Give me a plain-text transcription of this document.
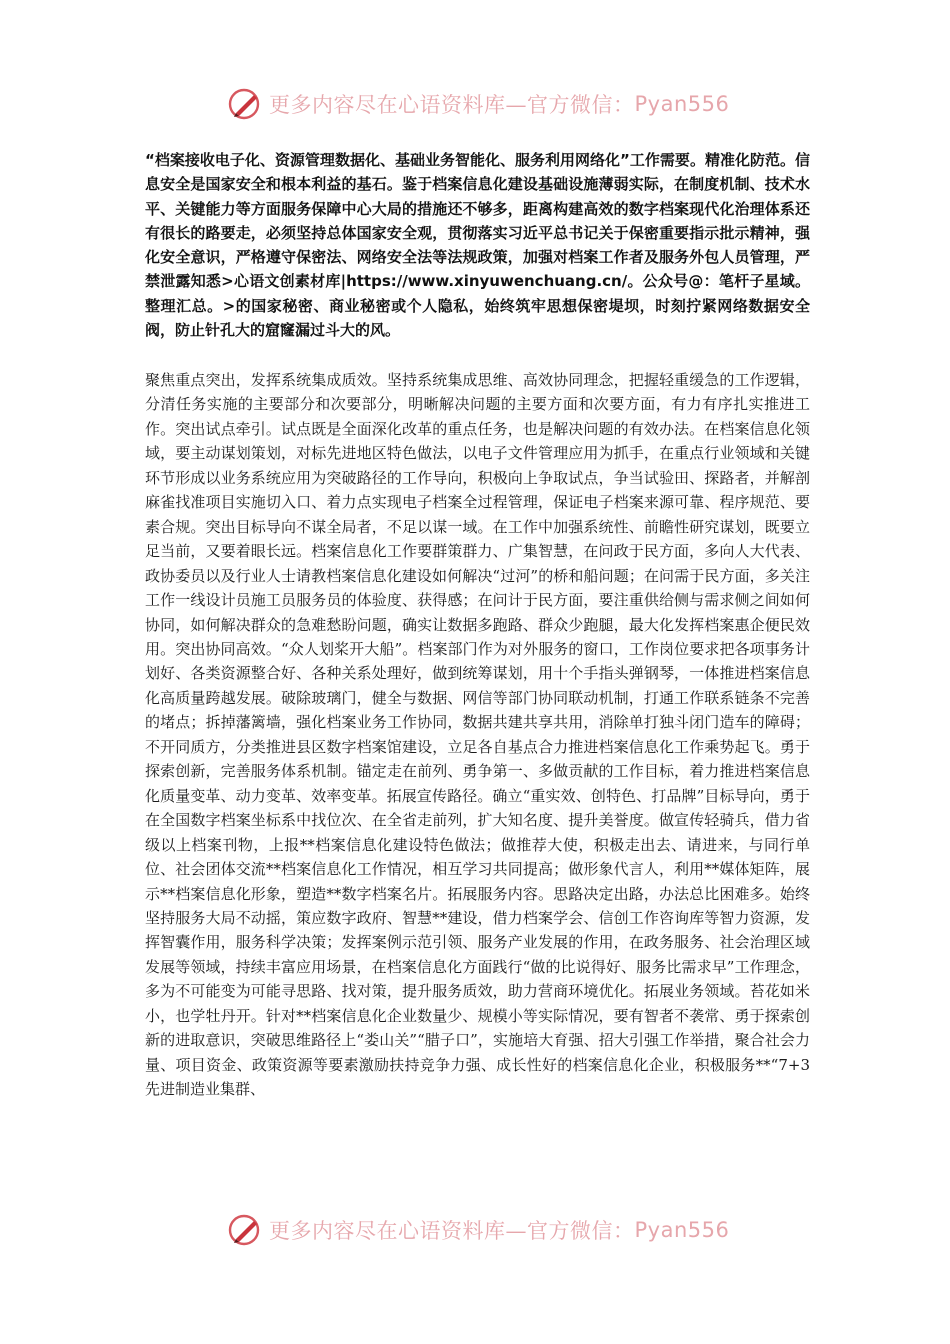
更多内容尽在心语资料库—官方微信： Pyan556

“档案接收电子化、资源管理数据化、基础业务智能化、服务利用网络化”工作需要。精准化防范。信息安全是国家安全和根本利益的基石。鉴于档案信息化建设基础设施薄弱实际，在制度机制、技术水平、关键能力等方面服务保障中心大局的措施还不够多，距离构建高效的数字档案现代化治理体系还有很长的路要走，必须坚持总体国家安全观，贯彻落实习近平总书记关于保密重要指示批示精神，强化安全意识，严格遵守保密法、网络安全法等法规政策，加强对档案工作者及服务外包人员管理，严禁泄露知悉>心语文创素材库|https://www.xinyuwenchuang.cn/。公众号@：笔杆子星域。整理汇总。>的国家秘密、商业秘密或个人隐私，始终筑牢思想保密堤坝，时刻拧紧网络数据安全阀，防止针孔大的窟窿漏过斗大的风。

聚焦重点突出，发挥系统集成质效。坚持系统集成思维、高效协同理念，把握轻重缓急的工作逻辑，分清任务实施的主要部分和次要部分，明晰解决问题的主要方面和次要方面，有力有序扎实推进工作。突出试点牵引。试点既是全面深化改革的重点任务，也是解决问题的有效办法。在档案信息化领域，要主动谋划策划，对标先进地区特色做法，以电子文件管理应用为抓手，在重点行业领域和关键环节形成以业务系统应用为突破路径的工作导向，积极向上争取试点，争当试验田、探路者，并解剖麻雀找准项目实施切入口、着力点实现电子档案全过程管理，保证电子档案来源可靠、程序规范、要素合规。突出目标导向不谋全局者，不足以谋一域。在工作中加强系统性、前瞻性研究谋划，既要立足当前，又要着眼长远。档案信息化工作要群策群力、广集智慧，在问政于民方面，多向人大代表、政协委员以及行业人士请教档案信息化建设如何解决“过河”的桥和船问题；在问需于民方面，多关注工作一线设计员施工员服务员的体验度、获得感；在问计于民方面，要注重供给侧与需求侧之间如何协同，如何解决群众的急难愁盼问题，确实让数据多跑路、群众少跑腿，最大化发挥档案惠企便民效用。突出协同高效。“众人划桨开大船”。档案部门作为对外服务的窗口，工作岗位要求把各项事务计划好、各类资源整合好、各种关系处理好，做到统筹谋划，用十个手指头弹钢琴，一体推进档案信息化高质量跨越发展。破除玻璃门，健全与数据、网信等部门协同联动机制，打通工作联系链条不完善的堵点；拆掉藩篱墙，强化档案业务工作协同，数据共建共享共用，消除单打独斗闭门造车的障碍；不开同质方，分类推进县区数字档案馆建设，立足各自基点合力推进档案信息化工作乘势起飞。勇于探索创新，完善服务体系机制。锚定走在前列、勇争第一、多做贡献的工作目标，着力推进档案信息化质量变革、动力变革、效率变革。拓展宣传路径。确立“重实效、创特色、打品牌”目标导向，勇于在全国数字档案坐标系中找位次、在全省走前列，扩大知名度、提升美誉度。做宣传轻骑兵，借力省级以上档案刊物，上报**档案信息化建设特色做法；做推荐大使，积极走出去、请进来，与同行单位、社会团体交流**档案信息化工作情况，相互学习共同提高；做形象代言人，利用**媒体矩阵，展示**档案信息化形象，塑造**数字档案名片。拓展服务内容。思路决定出路，办法总比困难多。始终坚持服务大局不动摇，策应数字政府、智慧**建设，借力档案学会、信创工作咨询库等智力资源，发挥智囊作用，服务科学决策；发挥案例示范引领、服务产业发展的作用，在政务服务、社会治理区域发展等领域，持续丰富应用场景，在档案信息化方面践行“做的比说得好、服务比需求早”工作理念，多为不可能变为可能寻思路、找对策，提升服务质效，助力营商环境优化。拓展业务领域。苔花如米小，也学牡丹开。针对**档案信息化企业数量少、规模小等实际情况，要有智者不袭常、勇于探索创新的进取意识，突破思维路径上“娄山关”“腊子口”，实施培大育强、招大引强工作举措，聚合社会力量、项目资金、政策资源等要素激励扶持竞争力强、成长性好的档案信息化企业，积极服务**“7+3 先进制造业集群、

更多内容尽在心语资料库—官方微信： Pyan556
